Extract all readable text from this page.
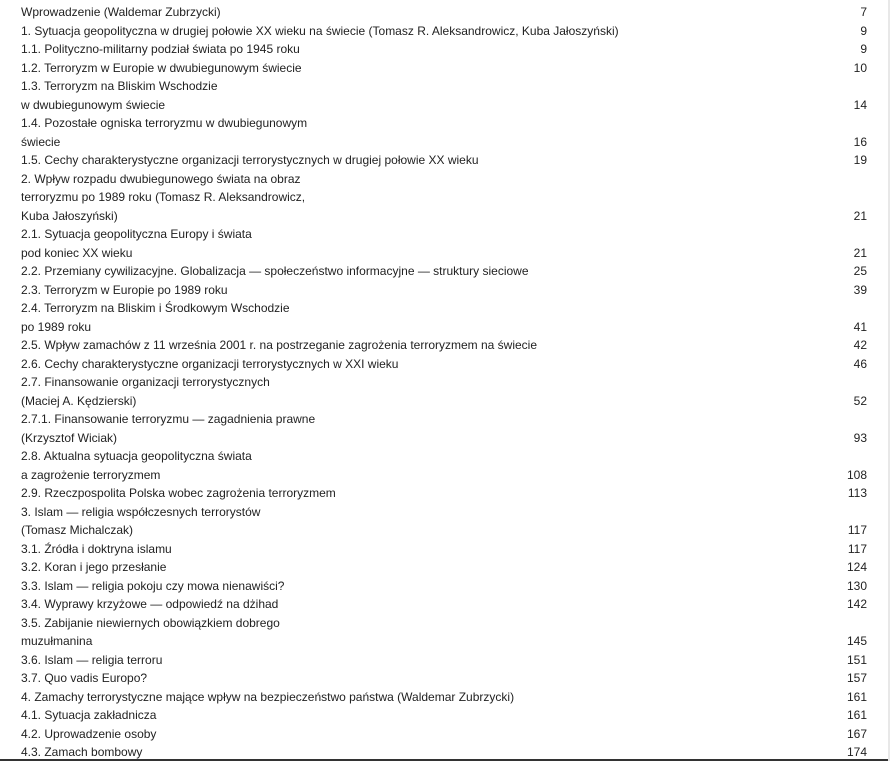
Wprowadzenie (Waldemar Zubrzycki)	7
1. Sytuacja geopolityczna w drugiej połowie XX wieku na świecie (Tomasz R. Aleksandrowicz, Kuba Jałoszyński)	9
1.1. Polityczno-militarny podział świata po 1945 roku	9
1.2. Terroryzm w Europie w dwubiegunowym świecie	10
1.3. Terroryzm na Bliskim Wschodzie	
w dwubiegunowym świecie	14
1.4. Pozostałe ogniska terroryzmu w dwubiegunowym	
świecie	16
1.5. Cechy charakterystyczne organizacji terrorystycznych w drugiej połowie XX wieku	19
2. Wpływ rozpadu dwubiegunowego świata na obraz	
terroryzmu po 1989 roku (Tomasz R. Aleksandrowicz,	
Kuba Jałoszyński)	21
2.1. Sytuacja geopolityczna Europy i świata	
pod koniec XX wieku	21
2.2. Przemiany cywilizacyjne. Globalizacja — społeczeństwo informacyjne — struktury sieciowe	25
2.3. Terroryzm w Europie po 1989 roku	39
2.4. Terroryzm na Bliskim i Środkowym Wschodzie	
po 1989 roku	41
2.5. Wpływ zamachów z 11 września 2001 r. na postrzeganie zagrożenia terroryzmem na świecie	42
2.6. Cechy charakterystyczne organizacji terrorystycznych w XXI wieku	46
2.7. Finansowanie organizacji terrorystycznych	
(Maciej A. Kędzierski)	52
2.7.1. Finansowanie terroryzmu — zagadnienia prawne	
(Krzysztof Wiciak)	93
2.8. Aktualna sytuacja geopolityczna świata	
a zagrożenie terroryzmem	108
2.9. Rzeczpospolita Polska wobec zagrożenia terroryzmem	113
3. Islam — religia współczesnych terrorystów	
(Tomasz Michalczak)	117
3.1. Źródła i doktryna islamu	117
3.2. Koran i jego przesłanie	124
3.3. Islam — religia pokoju czy mowa nienawiści?	130
3.4. Wyprawy krzyżowe — odpowiedź na dżihad	142
3.5. Zabijanie niewiernych obowiązkiem dobrego	
muzułmanina	145
3.6. Islam — religia terroru	151
3.7. Quo vadis Europo?	157
4. Zamachy terrorystyczne mające wpływ na bezpieczeństwo państwa (Waldemar Zubrzycki)	161
4.1. Sytuacja zakładnicza	161
4.2. Uprowadzenie osoby	167
4.3. Zamach bombowy	174
